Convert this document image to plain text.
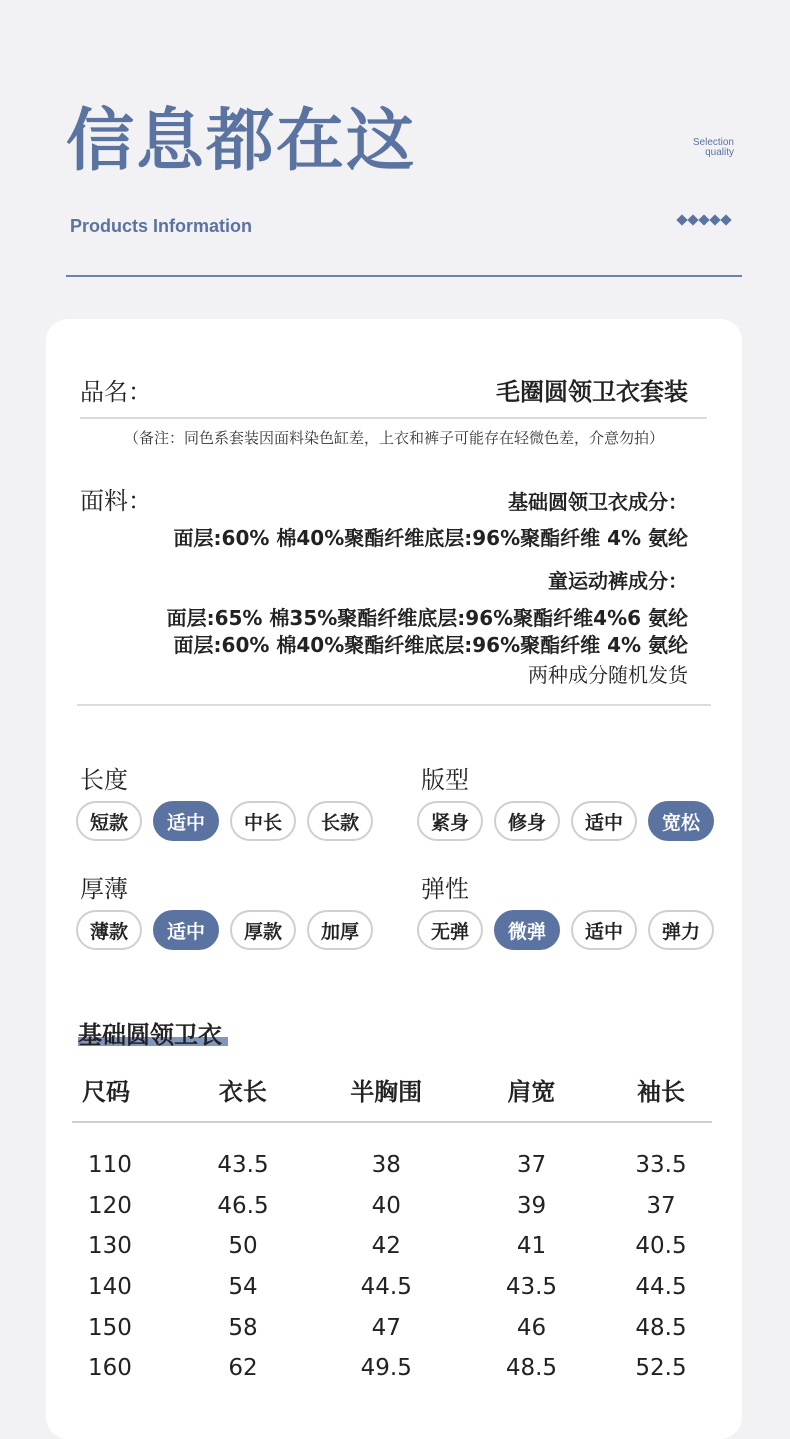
信息都在这
Products Information
Selection
quality
品名：	毛圈圆领卫衣套装
（备注：同色系套装因面料染色缸差，上衣和裤子可能存在轻微色差，介意勿拍）
面料：	基础圆领卫衣成分：
面层:60% 棉40%聚酯纤维底层:96%聚酯纤维 4% 氨纶
童运动裤成分：
面层:65% 棉35%聚酯纤维底层:96%聚酯纤维4%6 氨纶
面层:60% 棉40%聚酯纤维底层:96%聚酯纤维 4% 氨纶
两种成分随机发货
长度
短款	适中	中长	长款
版型
紧身	修身	适中	宽松
厚薄
薄款	适中	厚款	加厚
弹性
无弹	微弹	适中	弹力
基础圆领卫衣
尺码	衣长	半胸围	肩宽	袖长
110	43.5	38	37	33.5
120	46.5	40	39	37
130	50	42	41	40.5
140	54	44.5	43.5	44.5
150	58	47	46	48.5
160	62	49.5	48.5	52.5
